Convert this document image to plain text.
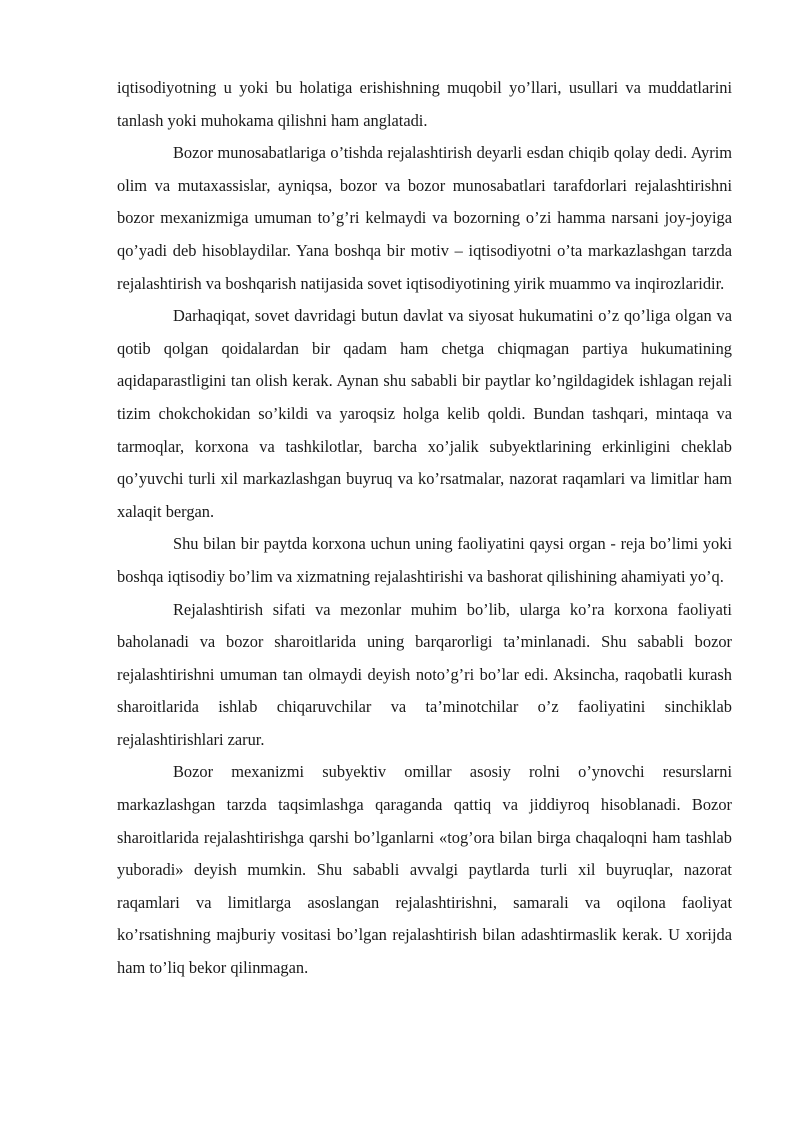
iqtisodiyotning u yoki bu holatiga erishishning muqobil yo’llari, usullari va muddatlarini tanlash yoki muhokama qilishni ham anglatadi.

Bozor munosabatlariga o’tishda rejalashtirish deyarli esdan chiqib qolay dedi. Ayrim olim va mutaxassislar, ayniqsa, bozor va bozor munosabatlari tarafdorlari rejalashtirishni bozor mexanizmiga umuman to’g’ri kelmaydi va bozorning o’zi hamma narsani joy-joyiga qo’yadi deb hisoblaydilar. Yana boshqa bir motiv – iqtisodiyotni o’ta markazlashgan tarzda rejalashtirish va boshqarish natijasida sovet iqtisodiyotining yirik muammo va inqirozlaridir.

Darhaqiqat, sovet davridagi butun davlat va siyosat hukumatini o’z qo’liga olgan va qotib qolgan qoidalardan bir qadam ham chetga chiqmagan partiya hukumatining aqidaparastligini tan olish kerak. Aynan shu sababli bir paytlar ko’ngildagidek ishlagan rejali tizim chokchokidan so’kildi va yaroqsiz holga kelib qoldi. Bundan tashqari, mintaqa va tarmoqlar, korxona va tashkilotlar, barcha xo’jalik subyektlarining erkinligini cheklab qo’yuvchi turli xil markazlashgan buyruq va ko’rsatmalar, nazorat raqamlari va limitlar ham xalaqit bergan.

Shu bilan bir paytda korxona uchun uning faoliyatini qaysi organ - reja bo’limi yoki boshqa iqtisodiy bo’lim va xizmatning rejalashtirishi va bashorat qilishining ahamiyati yo’q.

Rejalashtirish sifati va mezonlar muhim bo’lib, ularga ko’ra korxona faoliyati baholanadi va bozor sharoitlarida uning barqarorligi ta’minlanadi. Shu sababli bozor rejalashtirishni umuman tan olmaydi deyish noto’g’ri bo’lar edi. Aksincha, raqobatli kurash sharoitlarida ishlab chiqaruvchilar va ta’minotchilar o’z faoliyatini sinchiklab rejalashtirishlari zarur.

Bozor mexanizmi subyektiv omillar asosiy rolni o’ynovchi resurslarni markazlashgan tarzda taqsimlashga qaraganda qattiq va jiddiyroq hisoblanadi. Bozor sharoitlarida rejalashtirishga qarshi bo’lganlarni «tog’ora bilan birga chaqaloqni ham tashlab yuboradi» deyish mumkin. Shu sababli avvalgi paytlarda turli xil buyruqlar, nazorat raqamlari va limitlarga asoslangan rejalashtirishni, samarali va oqilona faoliyat ko’rsatishning majburiy vositasi bo’lgan rejalashtirish bilan adashtirmaslik kerak. U xorijda ham to’liq bekor qilinmagan.
